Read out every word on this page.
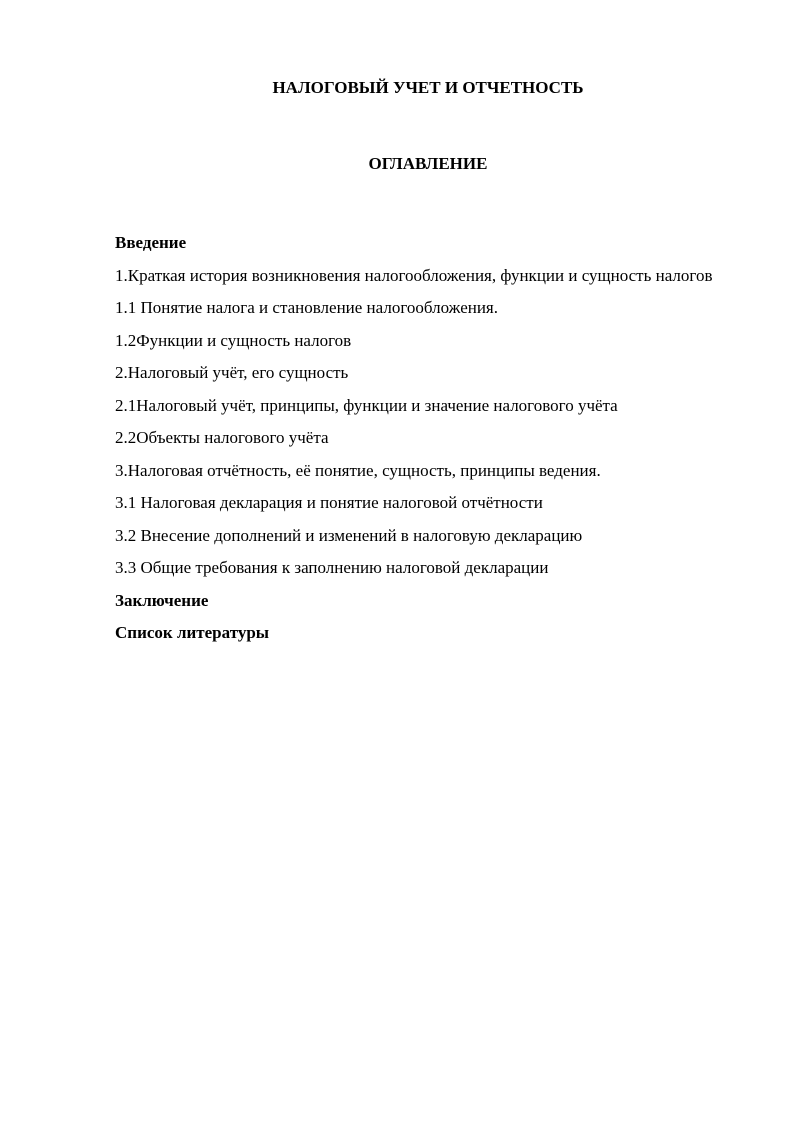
НАЛОГОВЫЙ УЧЕТ И ОТЧЕТНОСТЬ
ОГЛАВЛЕНИЕ

Введение

1.Краткая история возникновения налогообложения, функции и сущность налогов

1.1 Понятие налога и становление налогообложения.

1.2Функции и сущность налогов

2.Налоговый учёт, его сущность

2.1Налоговый учёт, принципы, функции и значение налогового учёта

2.2Объекты налогового учёта

3.Налоговая отчётность, её понятие, сущность, принципы ведения.

3.1 Налоговая декларация и понятие налоговой отчётности

3.2 Внесение дополнений и изменений в налоговую декларацию

3.3 Общие требования к заполнению налоговой декларации

Заключение

Список литературы
